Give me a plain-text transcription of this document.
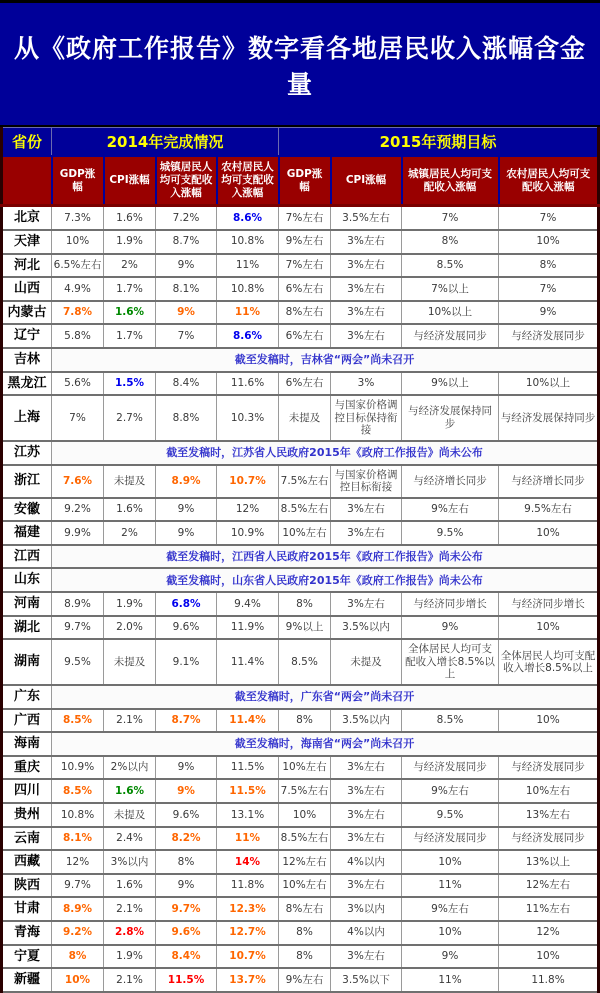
从《政府工作报告》数字看各地居民收入涨幅含金量
省份	2014年完成情况				2015年预期目标			
	GDP涨幅	CPI涨幅	城镇居民人均可支配收入涨幅	农村居民人均可支配收入涨幅	GDP涨幅	CPI涨幅	城镇居民人均可支配收入涨幅	农村居民人均可支配收入涨幅
北京	7.3%	1.6%	7.2%	8.6%	7%左右	3.5%左右	7%	7%
天津	10%	1.9%	8.7%	10.8%	9%左右	3%左右	8%	10%
河北	6.5%左右	2%	9%	11%	7%左右	3%左右	8.5%	8%
山西	4.9%	1.7%	8.1%	10.8%	6%左右	3%左右	7%以上	7%
内蒙古	7.8%	1.6%	9%	11%	8%左右	3%左右	10%以上	9%
辽宁	5.8%	1.7%	7%	8.6%	6%左右	3%左右	与经济发展同步	与经济发展同步
吉林	截至发稿时，吉林省“两会”尚未召开							
黑龙江	5.6%	1.5%	8.4%	11.6%	6%左右	3%	9%以上	10%以上
上海	7%	2.7%	8.8%	10.3%	未提及	与国家价格调控目标保持衔接	与经济发展保持同步	与经济发展保持同步
江苏	截至发稿时，江苏省人民政府2015年《政府工作报告》尚未公布							
浙江	7.6%	未提及	8.9%	10.7%	7.5%左右	与国家价格调控目标衔接	与经济增长同步	与经济增长同步
安徽	9.2%	1.6%	9%	12%	8.5%左右	3%左右	9%左右	9.5%左右
福建	9.9%	2%	9%	10.9%	10%左右	3%左右	9.5%	10%
江西	截至发稿时，江西省人民政府2015年《政府工作报告》尚未公布							
山东	截至发稿时，山东省人民政府2015年《政府工作报告》尚未公布							
河南	8.9%	1.9%	6.8%	9.4%	8%	3%左右	与经济同步增长	与经济同步增长
湖北	9.7%	2.0%	9.6%	11.9%	9%以上	3.5%以内	9%	10%
湖南	9.5%	未提及	9.1%	11.4%	8.5%	未提及	全体居民人均可支配收入增长8.5%以上	全体居民人均可支配收入增长8.5%以上
广东	截至发稿时，广东省“两会”尚未召开							
广西	8.5%	2.1%	8.7%	11.4%	8%	3.5%以内	8.5%	10%
海南	截至发稿时，海南省“两会”尚未召开							
重庆	10.9%	2%以内	9%	11.5%	10%左右	3%左右	与经济发展同步	与经济发展同步
四川	8.5%	1.6%	9%	11.5%	7.5%左右	3%左右	9%左右	10%左右
贵州	10.8%	未提及	9.6%	13.1%	10%	3%左右	9.5%	13%左右
云南	8.1%	2.4%	8.2%	11%	8.5%左右	3%左右	与经济发展同步	与经济发展同步
西藏	12%	3%以内	8%	14%	12%左右	4%以内	10%	13%以上
陕西	9.7%	1.6%	9%	11.8%	10%左右	3%左右	11%	12%左右
甘肃	8.9%	2.1%	9.7%	12.3%	8%左右	3%以内	9%左右	11%左右
青海	9.2%	2.8%	9.6%	12.7%	8%	4%以内	10%	12%
宁夏	8%	1.9%	8.4%	10.7%	8%	3%左右	9%	10%
新疆	10%	2.1%	11.5%	13.7%	9%左右	3.5%以下	11%	11.8%
